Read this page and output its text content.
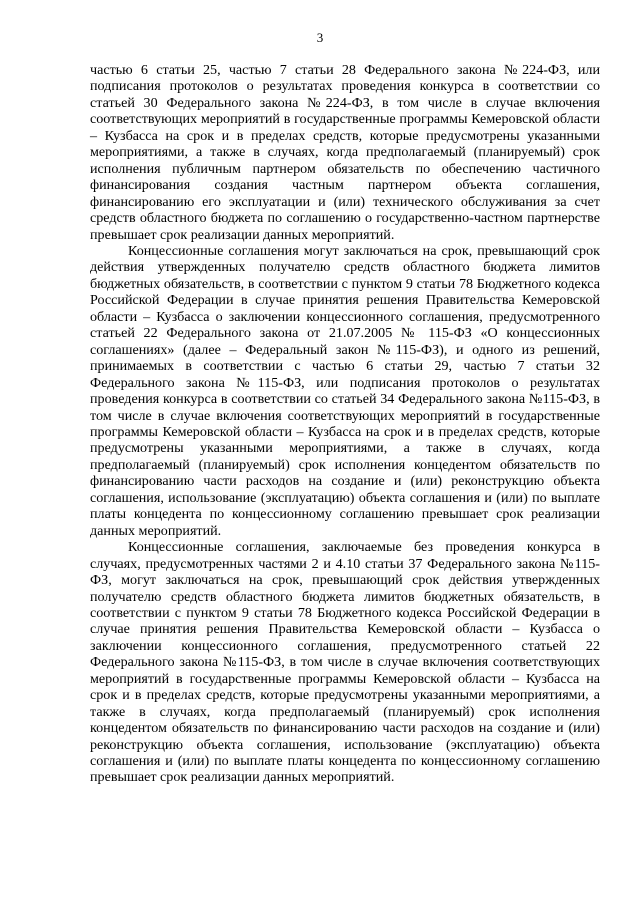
3

частью 6 статьи 25, частью 7 статьи 28 Федерального закона №224-ФЗ, или подписания протоколов о результатах проведения конкурса в соответствии со статьей 30 Федерального закона №224-ФЗ, в том числе в случае включения соответствующих мероприятий в государственные программы Кемеровской области – Кузбасса на срок и в пределах средств, которые предусмотрены указанными мероприятиями, а также в случаях, когда предполагаемый (планируемый) срок исполнения публичным партнером обязательств по обеспечению частичного финансирования создания частным партнером объекта соглашения, финансированию его эксплуатации и (или) технического обслуживания за счет средств областного бюджета по соглашению о государственно-частном партнерстве превышает срок реализации данных мероприятий.

Концессионные соглашения могут заключаться на срок, превышающий срок действия утвержденных получателю средств областного бюджета лимитов бюджетных обязательств, в соответствии с пунктом 9 статьи 78 Бюджетного кодекса Российской Федерации в случае принятия решения Правительства Кемеровской области – Кузбасса о заключении концессионного соглашения, предусмотренного статьей 22 Федерального закона от 21.07.2005 № 115-ФЗ «О концессионных соглашениях» (далее – Федеральный закон №115-ФЗ), и одного из решений, принимаемых в соответствии с частью 6 статьи 29, частью 7 статьи 32 Федерального закона №115-ФЗ, или подписания протоколов о результатах проведения конкурса в соответствии со статьей 34 Федерального закона №115-ФЗ, в том числе в случае включения соответствующих мероприятий в государственные программы Кемеровской области – Кузбасса на срок и в пределах средств, которые предусмотрены указанными мероприятиями, а также в случаях, когда предполагаемый (планируемый) срок исполнения концедентом обязательств по финансированию части расходов на создание и (или) реконструкцию объекта соглашения, использование (эксплуатацию) объекта соглашения и (или) по выплате платы концедента по концессионному соглашению превышает срок реализации данных мероприятий.

Концессионные соглашения, заключаемые без проведения конкурса в случаях, предусмотренных частями 2 и 4.10 статьи 37 Федерального закона №115-ФЗ, могут заключаться на срок, превышающий срок действия утвержденных получателю средств областного бюджета лимитов бюджетных обязательств, в соответствии с пунктом 9 статьи 78 Бюджетного кодекса Российской Федерации в случае принятия решения Правительства Кемеровской области – Кузбасса о заключении концессионного соглашения, предусмотренного статьей 22 Федерального закона №115-ФЗ, в том числе в случае включения соответствующих мероприятий в государственные программы Кемеровской области – Кузбасса на срок и в пределах средств, которые предусмотрены указанными мероприятиями, а также в случаях, когда предполагаемый (планируемый) срок исполнения концедентом обязательств по финансированию части расходов на создание и (или) реконструкцию объекта соглашения, использование (эксплуатацию) объекта соглашения и (или) по выплате платы концедента по концессионному соглашению превышает срок реализации данных мероприятий.
